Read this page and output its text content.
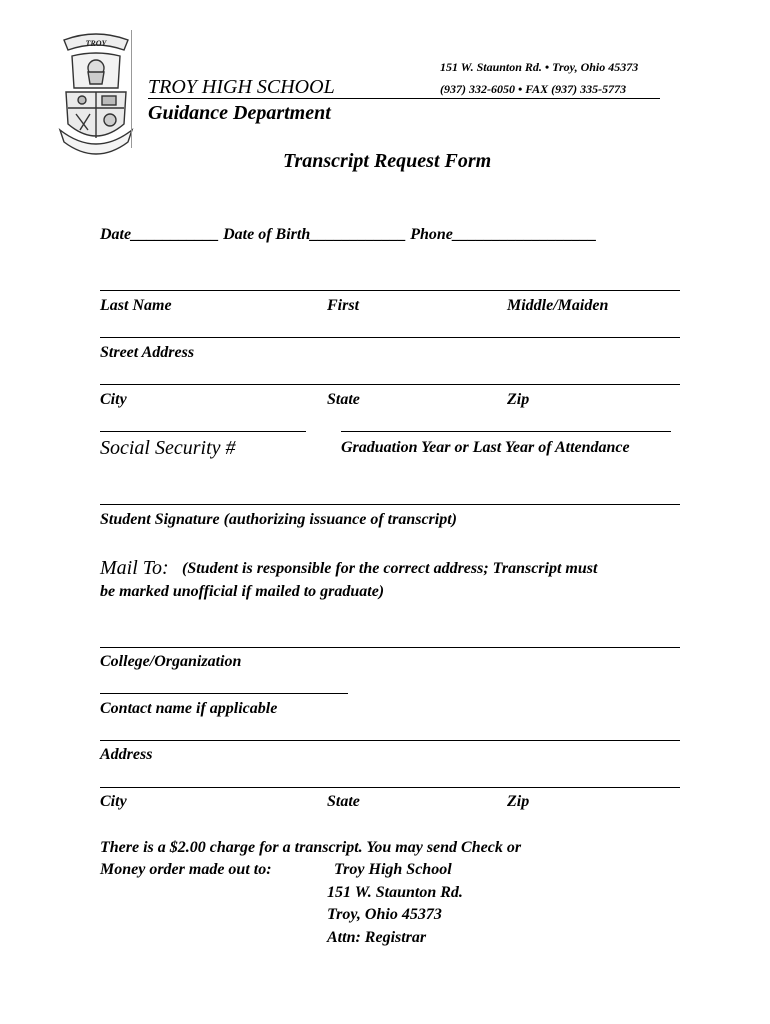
TROY
151 W. Staunton Rd. • Troy, Ohio 45373
(937) 332-6050 • FAX (937) 335-5773
TROY HIGH SCHOOL
Guidance Department
Transcript Request Form
Date___________ Date of Birth____________ Phone__________________
Last Name	First	Middle/Maiden
Street Address
City	State	Zip
Social Security #	Graduation Year or Last Year of Attendance
Student Signature (authorizing issuance of transcript)
Mail To: (Student is responsible for the correct address; Transcript must
be marked unofficial if mailed to graduate)
College/Organization
Contact name if applicable
Address
City	State	Zip
There is a $2.00 charge for a transcript. You may send Check or
Money order made out to:	Troy High School
151 W. Staunton Rd.
Troy, Ohio 45373
Attn: Registrar
